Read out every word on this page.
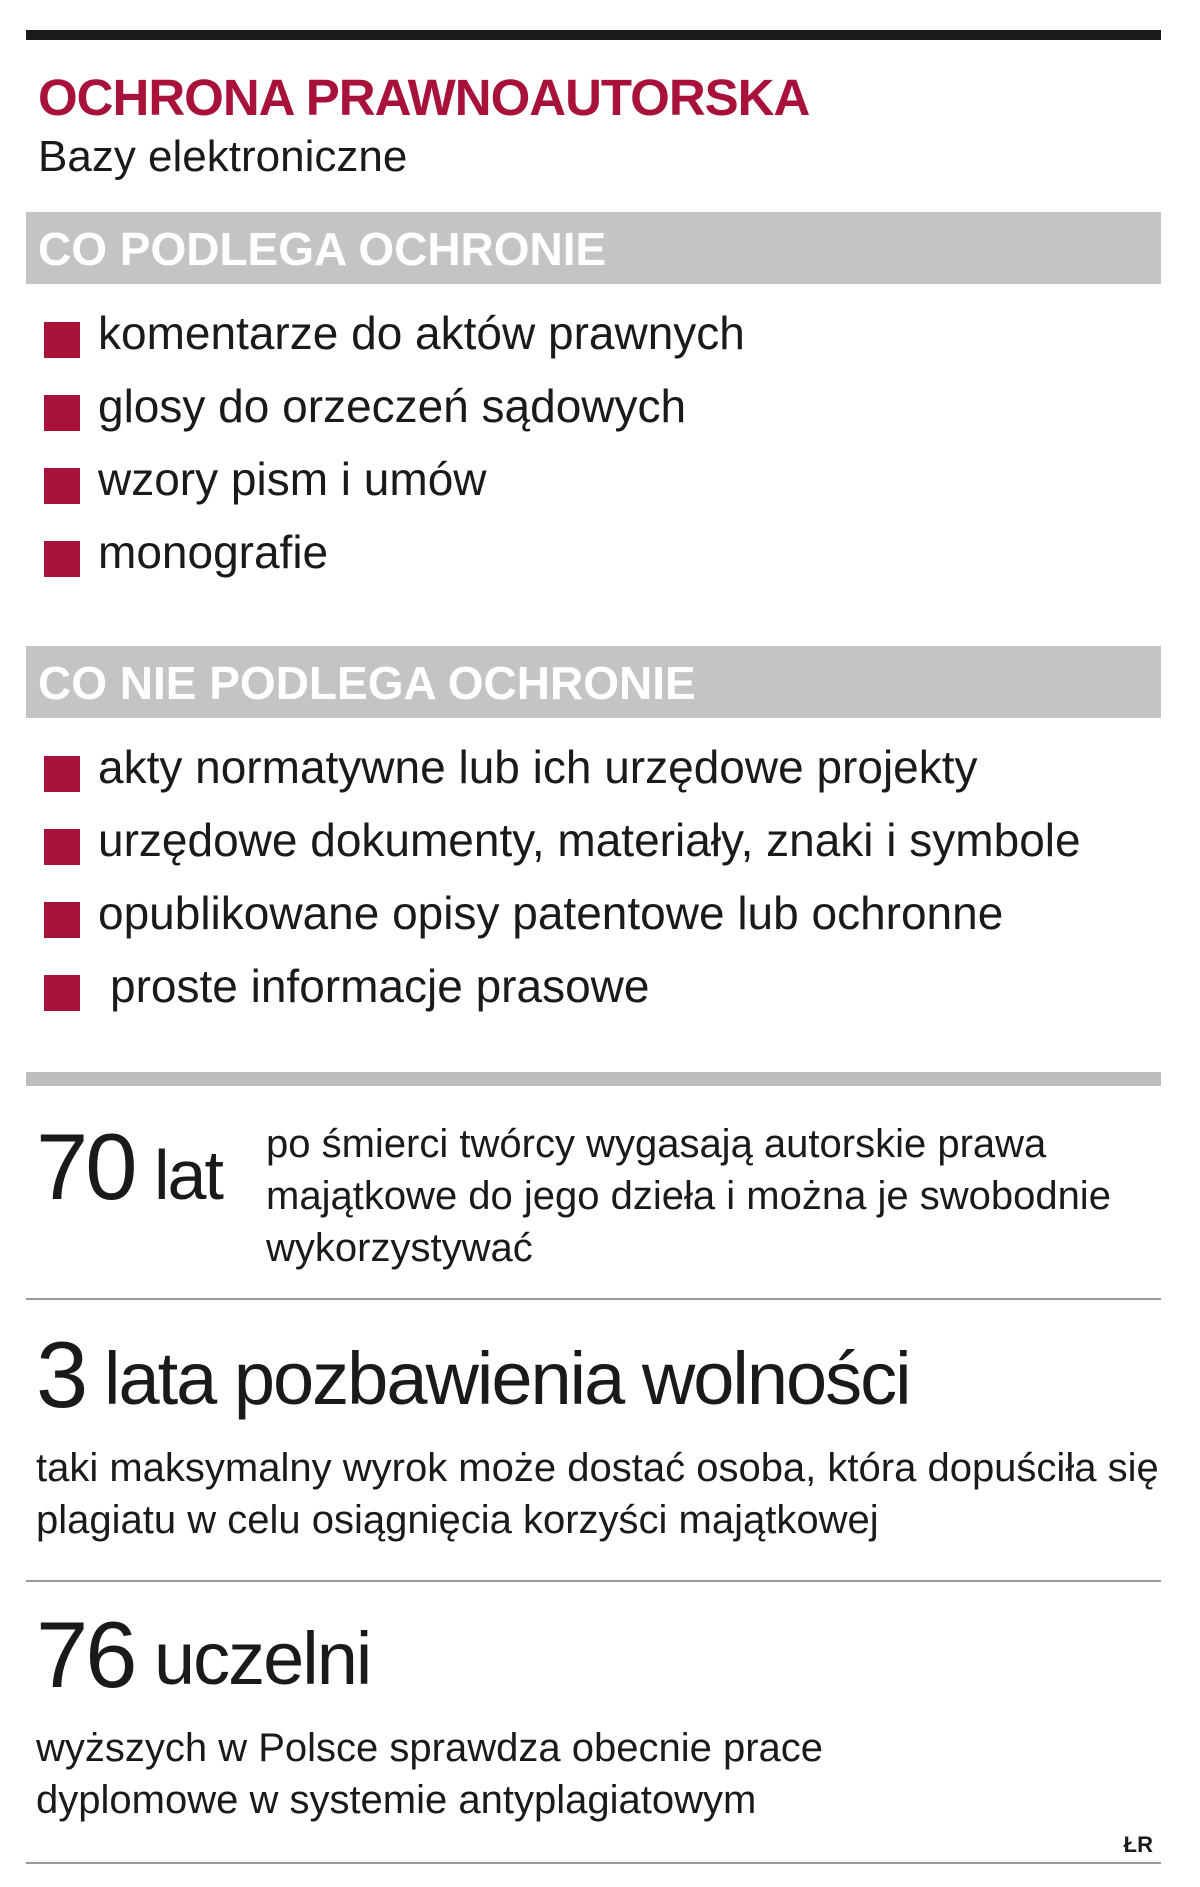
OCHRONA PRAWNOAUTORSKA
Bazy elektroniczne
CO PODLEGA OCHRONIE
komentarze do aktów prawnych
glosy do orzeczeń sądowych
wzory pism i umów
monografie
CO NIE PODLEGA OCHRONIE
akty normatywne lub ich urzędowe projekty
urzędowe dokumenty, materiały, znaki i symbole
opublikowane opisy patentowe lub ochronne
proste informacje prasowe
70 lat po śmierci twórcy wygasają autorskie prawa majątkowe do jego dzieła i można je swobodnie wykorzystywać
3 lata pozbawienia wolności
taki maksymalny wyrok może dostać osoba, która dopuściła się plagiatu w celu osiągnięcia korzyści majątkowej
76 uczelni
wyższych w Polsce sprawdza obecnie prace dyplomowe w systemie antyplagiatowym
ŁR
